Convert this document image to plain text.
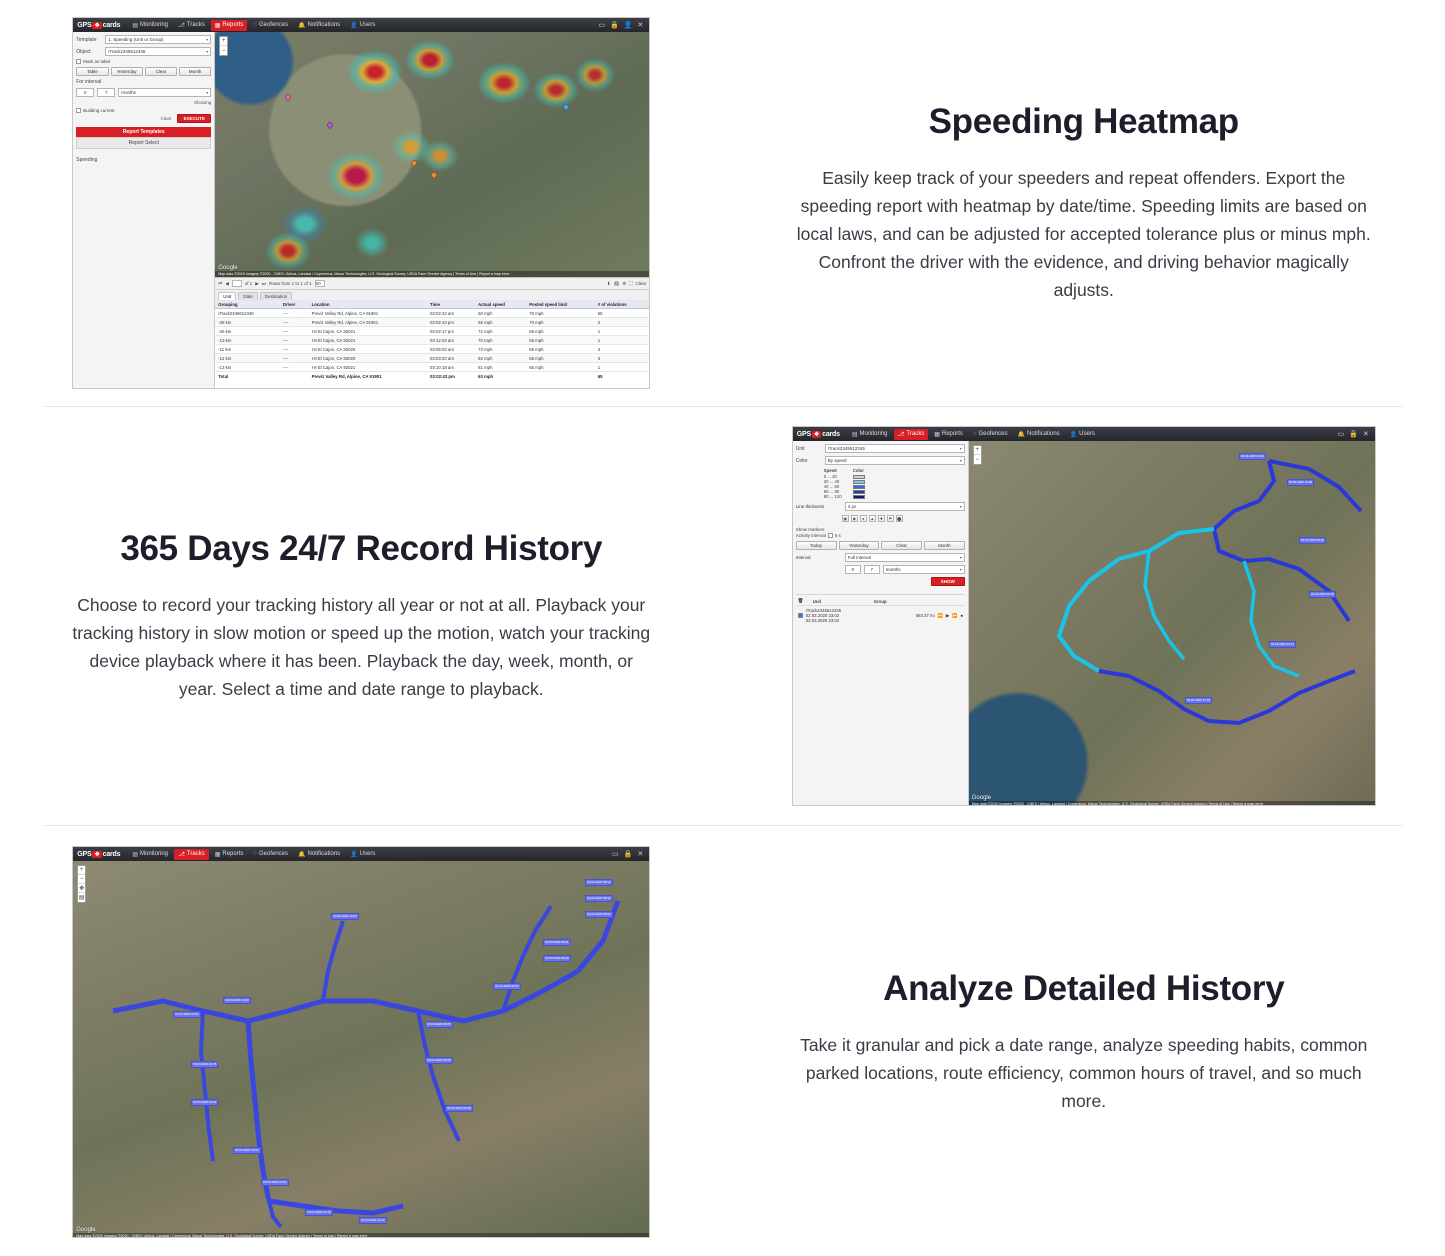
GPS ❖ cards ▤ Monitoring ⎇ Tracks ▦ Reports ◌ Geofences 🔔 Notifications 👤 Users	▭ 🔒 👤 ✕
Template	1. Speeding (Unit or Group)	▾
Object	iTrack2345612345	▾
Mark as label
Table	Yesterday	Clear	Month
For interval
0	7	months	▾
Showing
Building current
Clear	EXECUTE
Report Templates
Report Select
Speeding
+
−
Map data ©2020 Imagery ©2020 , CNES / Airbus, Landsat / Copernicus, Maxar Technologies, U.S. Geological Survey, USDA Farm Service Agency | Terms of Use | Report a map error
Google
⏮ ◀	of 1 ▶ ⏭ Rows from 1 to 1 of 1 50	⬇ 🖨 ⚙ ⛶ Clear
Unit	Date	Destination
Grouping	Driver	Location	Time	Actual speed	Posted speed limit	# of violations
iTrack2345612345	----	Previz Valley Rd, Alpine, CA 91901	03:02:43 am	60 mph	70 mph	65
-28 km	----	Previz Valley Rd, Alpine, CA 91901	03:02:43 pm	66 mph	70 mph	2
-26 km	----	I-8 El Cajon, CA 92021	03:02:17 pm	72 mph	65 mph	1
-13 km	----	I-8 El Cajon, CA 92021	03:12:02 am	70 mph	65 mph	1
-11 km	----	I-8 El Cajon, CA 92020	03:05:02 am	73 mph	65 mph	3
-12 km	----	I-8 El Cajon, CA 92020	03:03:20 am	63 mph	65 mph	3
-13 km	----	I-8 El Cajon, CA 92021	03:10:18 am	61 mph	65 mph	1
Total		Previz Valley Rd, Alpine, CA 91901	03:02:43 pm	63 mph		65
Speeding Heatmap

Easily keep track of your speeders and repeat offenders. Export the speeding report with heatmap by date/time. Speeding limits are based on local laws, and can be adjusted for accepted tolerance plus or minus mph. Confront the driver with the evidence, and driving behavior magically adjusts.

365 Days 24/7 Record History

Choose to record your tracking history all year or not at all. Playback your tracking history in slow motion or speed up the motion, watch your tracking device playback where it has been. Playback the day, week, month, or year. Select a time and date range to playback.

GPS ❖ cards ▤ Monitoring ⎇ Tracks ▦ Reports ◌ Geofences 🔔 Notifications 👤 Users	▭ 🔒 ✕
Unit	iTrack2345612345	▾
Color	By speed	▾
Speed	Color
0 ... 20
20 ... 40
40 ... 60
60 ... 80
80 ... 120
Line thickness	4 px	▾
▣	◆	●	▲	✚	⚑	⬤
Show markers
Activity interval 5 s
Today	Yesterday	Clear	Month
Interval	Full interval	▾
0	7	months	▾
SHOW
🗑	Unit	Group
iTrack2345612345
02.03.2020 23:02
03.03.2020 23:02
684.37 mi ⏪ ▶ ⏩ ⏹
+
−
03.03.2020 14:21
03.03.2020 14:28
03.03.2020 15:02
03.03.2020 15:26
03.03.2020 16:11
03.03.2020 17:04
Map data ©2020 Imagery ©2020 , CNES / Airbus, Landsat / Copernicus, Maxar Technologies, U.S. Geological Survey, USDA Farm Service Agency | Terms of Use | Report a map error
Google
GPS ❖ cards ▤ Monitoring ⎇ Tracks ▦ Reports ◌ Geofences 🔔 Notifications 👤 Users	▭ 🔒 ✕
+
−
✥
▤
03.03.2020 08:12
03.03.2020 08:19
03.03.2020 08:24
03.03.2020 08:31
03.03.2020 08:40
03.03.2020 08:52
03.03.2020 09:05
03.03.2020 09:20
03.03.2020 09:38
03.03.2020 10:02
03.03.2020 10:24
03.03.2020 10:41
03.03.2020 11:05
03.03.2020 11:22
03.03.2020 12:02
03.03.2020 12:31
03.03.2020 13:10
03.03.2020 13:44
Map data ©2020 Imagery ©2020 , CNES / Airbus, Landsat / Copernicus, Maxar Technologies, U.S. Geological Survey, USDA Farm Service Agency | Terms of Use | Report a map error
Google
Analyze Detailed History

Take it granular and pick a date range, analyze speeding habits, common parked locations, route efficiency, common hours of travel, and so much more.
